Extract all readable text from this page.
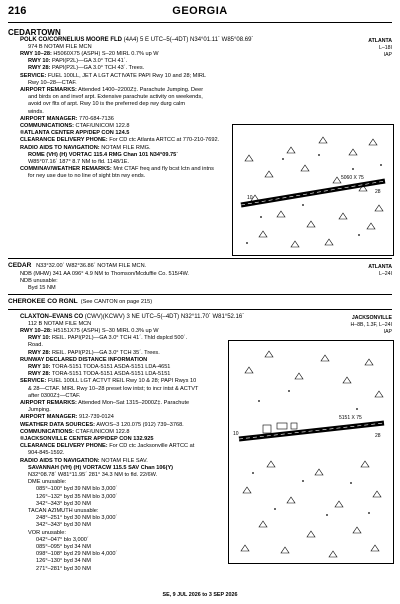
216	GEORGIA
CEDARTOWN
POLK CO/CORNELIUS MOORE FLD (4A4) 5 E UTC–5(–4DT) N34°01.11´ W85°08.69´
974 B NOTAM FILE MCN
ATLANTA
L–18I
IAP
RWY 10–28: H5060X75 (ASPH) S–20 MIRL 0.7% up W
RWY 10: PAPI(P2L)—GA 3.0° TCH 41´.
RWY 28: PAPI(P2L)—GA 3.0° TCH 43´. Trees.
SERVICE: FUEL 100LL, JET A LGT ACTIVATE PAPI Rwy 10 and 28; MIRL
Rwy 10–28—CTAF.
AIRPORT REMARKS: Attended 1400–2200Z‡. Parachute Jumping. Deer
and birds on and invof arpt. Extensive parachute activity on weekends,
avoid ovr flts of arpt. Rwy 10 is the preferred dep rwy durg calm
winds.
AIRPORT MANAGER: 770-684-7136
COMMUNICATIONS: CTAF/UNICOM 122.8
®ATLANTA CENTER APP/DEP CON 124.5
CLEARANCE DELIVERY PHONE: For CD ctc Atlanta ARTCC at 770-210-7692.
RADIO AIDS TO NAVIGATION: NOTAM FILE RMG.
ROME (VH) (H) VORTAC 115.4 RMG Chan 101 N34°09.75´
W85°07.16´ 187° 8.7 NM to fld. 1148/1E.
COMM/NAV/WEATHER REMARKS: Mnt CTAF freq and fly bcst lctn and intns
for ney use due to no line of sight btn rwy ends.	5060 X 75
10
28
CEDAR N33°32.00´ W82°36.86´ NOTAM FILE MCN.
NDB (MHW) 341 AA 096° 4.9 NM to Thomson/Mcduffie Co. 515/4W.
NDB unusable:
Byd 15 NM
ATLANTA
L–24I
CHEROKEE CO RGNL (See CANTON on page 215)
CLAXTON–EVANS CO (CWV)(KCWV) 3 NE UTC–5(–4DT) N32°11.70´ W81°52.16´
112 B NOTAM FILE MCN
JACKSONVILLE
H–8B, 1.3F, L–24I
IAP
RWY 10–28: H5151X75 (ASPH) S–30 MIRL 0.3% up W
RWY 10: REIL. PAPI(P2L)—GA 3.0° TCH 41´. Thld dsplcd 500´.
Road.
RWY 28: REIL. PAPI(P2L)—GA 3.0° TCH 35´. Trees.
RUNWAY DECLARED DISTANCE INFORMATION
RWY 10: TORA-5151 TODA-5151 ASDA-5151 LDA-4651
RWY 28: TORA-5151 TODA-5151 ASDA-5151 LDA-5151
SERVICE: FUEL 100LL LGT ACTVT REIL Rwy 10 & 28; PAPI Rwys 10
& 28—CTAF. MIRL Rwy 10–28 preset low intst; to incr intst & ACTVT
after 0300Z‡—CTAF.
AIRPORT REMARKS: Attended Mon–Sat 1315–2000Z‡. Parachute
Jumping.
AIRPORT MANAGER: 912-739-0124
WEATHER DATA SOURCES: AWOS–3 120.075 (912) 739–3768.
COMMUNICATIONS: CTAF/UNICOM 122.8
®JACKSONVILLE CENTER APP/DEP CON 132.925
CLEARANCE DELIVERY PHONE: For CD ctc Jacksonville ARTCC at
904-845-1592.
RADIO AIDS TO NAVIGATION: NOTAM FILE SAV.
SAVANNAH (VH) (H) VORTACW 115.5 SAV Chan 106(Y)
N32°08.78´ W81°11.95´ 281° 34.3 NM to fld. 22/6W.
DME unusable:
085°–100° byd 39 NM blo 3,000´
126°–132° byd 35 NM blo 3,000´
342°–343° byd 30 NM
TACAN AZIMUTH unusable:
248°–251° byd 30 NM blo 3,000´
342°–343° byd 30 NM
VOR unusable:
042°–047° blo 3,000´
085°–095° byd 34 NM
098°–108° byd 29 NM blo 4,000´
126°–130° byd 34 NM
271°–281° byd 30 NM
5151 X 75
10	28
SE, 9 JUL 2026 to 3 SEP 2026
